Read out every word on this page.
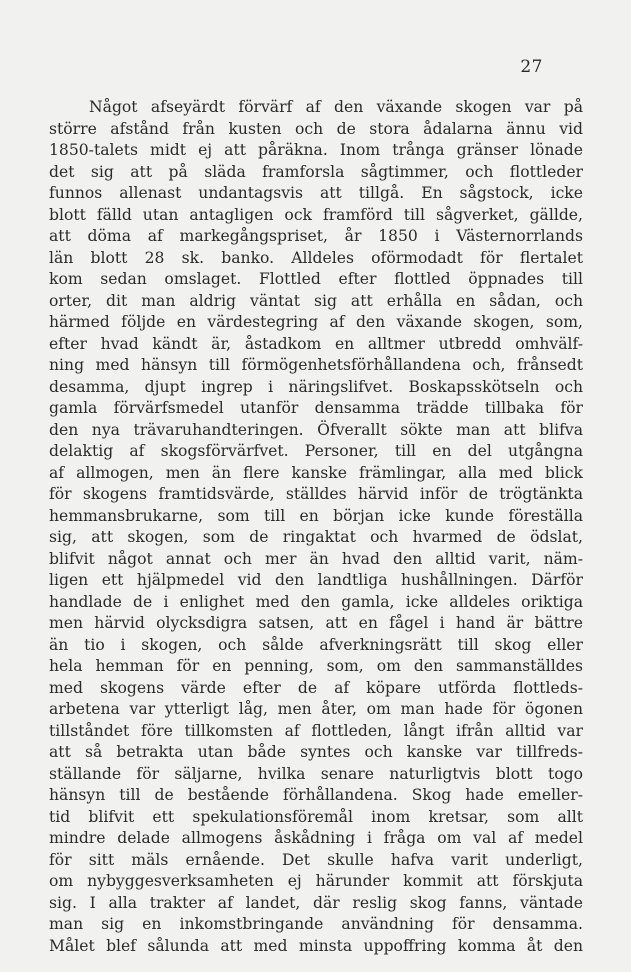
27
Något afseyärdt förvärf af den växande skogen var på
större afstånd från kusten och de stora ådalarna ännu vid
1850-talets midt ej att påräkna. Inom trånga gränser lönade
det sig att på släda framforsla sågtimmer, och flottleder
funnos allenast undantagsvis att tillgå. En sågstock, icke
blott fälld utan antagligen ock framförd till sågverket, gällde,
att döma af markegångspriset, år 1850 i Västernorrlands
län blott 28 sk. banko. Alldeles oförmodadt för flertalet
kom sedan omslaget. Flottled efter flottled öppnades till
orter, dit man aldrig väntat sig att erhålla en sådan, och
härmed följde en värdestegring af den växande skogen, som,
efter hvad kändt är, åstadkom en alltmer utbredd omhvälf-
ning med hänsyn till förmögenhetsförhållandena och, frånsedt
desamma, djupt ingrep i näringslifvet. Boskapsskötseln och
gamla förvärfsmedel utanför densamma trädde tillbaka för
den nya trävaruhandteringen. Öfverallt sökte man att blifva
delaktig af skogsförvärfvet. Personer, till en del utgångna
af allmogen, men än flere kanske främlingar, alla med blick
för skogens framtidsvärde, ställdes härvid inför de trögtänkta
hemmansbrukarne, som till en början icke kunde föreställa
sig, att skogen, som de ringaktat och hvarmed de ödslat,
blifvit något annat och mer än hvad den alltid varit, näm-
ligen ett hjälpmedel vid den landtliga hushållningen. Därför
handlade de i enlighet med den gamla, icke alldeles oriktiga
men härvid olycksdigra satsen, att en fågel i hand är bättre
än tio i skogen, och sålde afverkningsrätt till skog eller
hela hemman för en penning, som, om den sammanställdes
med skogens värde efter de af köpare utförda flottleds-
arbetena var ytterligt låg, men åter, om man hade för ögonen
tillståndet före tillkomsten af flottleden, långt ifrån alltid var
att så betrakta utan både syntes och kanske var tillfreds-
ställande för säljarne, hvilka senare naturligtvis blott togo
hänsyn till de bestående förhållandena. Skog hade emeller-
tid blifvit ett spekulationsföremål inom kretsar, som allt
mindre delade allmogens åskådning i fråga om val af medel
för sitt mäls ernående. Det skulle hafva varit underligt,
om nybyggesverksamheten ej härunder kommit att förskjuta
sig. I alla trakter af landet, där reslig skog fanns, väntade
man sig en inkomstbringande användning för densamma.
Målet blef sålunda att med minsta uppoffring komma åt den
